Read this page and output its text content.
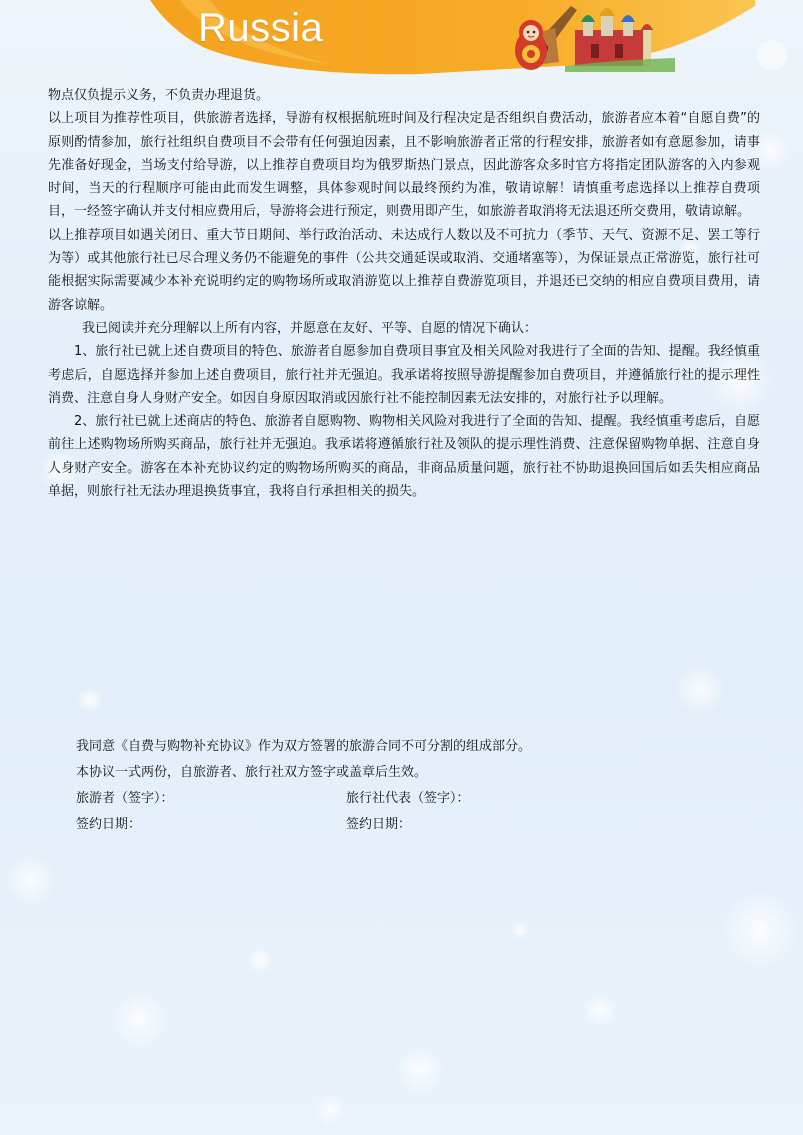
Russia

物点仅负提示义务，不负责办理退货。

以上项目为推荐性项目，供旅游者选择，导游有权根据航班时间及行程决定是否组织自费活动，旅游者应本着“自愿自费”的原则酌情参加，旅行社组织自费项目不会带有任何强迫因素，且不影响旅游者正常的行程安排，旅游者如有意愿参加，请事先准备好现金，当场支付给导游，以上推荐自费项目均为俄罗斯热门景点，因此游客众多时官方将指定团队游客的入内参观时间，当天的行程顺序可能由此而发生调整，具体参观时间以最终预约为准，敬请谅解！请慎重考虑选择以上推荐自费项目，一经签字确认并支付相应费用后，导游将会进行预定，则费用即产生，如旅游者取消将无法退还所交费用，敬请谅解。

以上推荐项目如遇关闭日、重大节日期间、举行政治活动、未达成行人数以及不可抗力（季节、天气、资源不足、罢工等行为等）或其他旅行社已尽合理义务仍不能避免的事件（公共交通延误或取消、交通堵塞等），为保证景点正常游览，旅行社可能根据实际需要减少本补充说明约定的购物场所或取消游览以上推荐自费游览项目，并退还已交纳的相应自费项目费用，请游客谅解。

我已阅读并充分理解以上所有内容，并愿意在友好、平等、自愿的情况下确认：

1、旅行社已就上述自费项目的特色、旅游者自愿参加自费项目事宜及相关风险对我进行了全面的告知、提醒。我经慎重考虑后，自愿选择并参加上述自费项目，旅行社并无强迫。我承诺将按照导游提醒参加自费项目，并遵循旅行社的提示理性消费、注意自身人身财产安全。如因自身原因取消或因旅行社不能控制因素无法安排的，对旅行社予以理解。

2、旅行社已就上述商店的特色、旅游者自愿购物、购物相关风险对我进行了全面的告知、提醒。我经慎重考虑后，自愿前往上述购物场所购买商品，旅行社并无强迫。我承诺将遵循旅行社及领队的提示理性消费、注意保留购物单据、注意自身人身财产安全。游客在本补充协议约定的购物场所购买的商品，非商品质量问题，旅行社不协助退换回国后如丢失相应商品单据，则旅行社无法办理退换货事宜，我将自行承担相关的损失。

我同意《自费与购物补充协议》作为双方签署的旅游合同不可分割的组成部分。

本协议一式两份，自旅游者、旅行社双方签字或盖章后生效。

旅游者（签字）：	旅行社代表（签字）：
签约日期：	签约日期：
